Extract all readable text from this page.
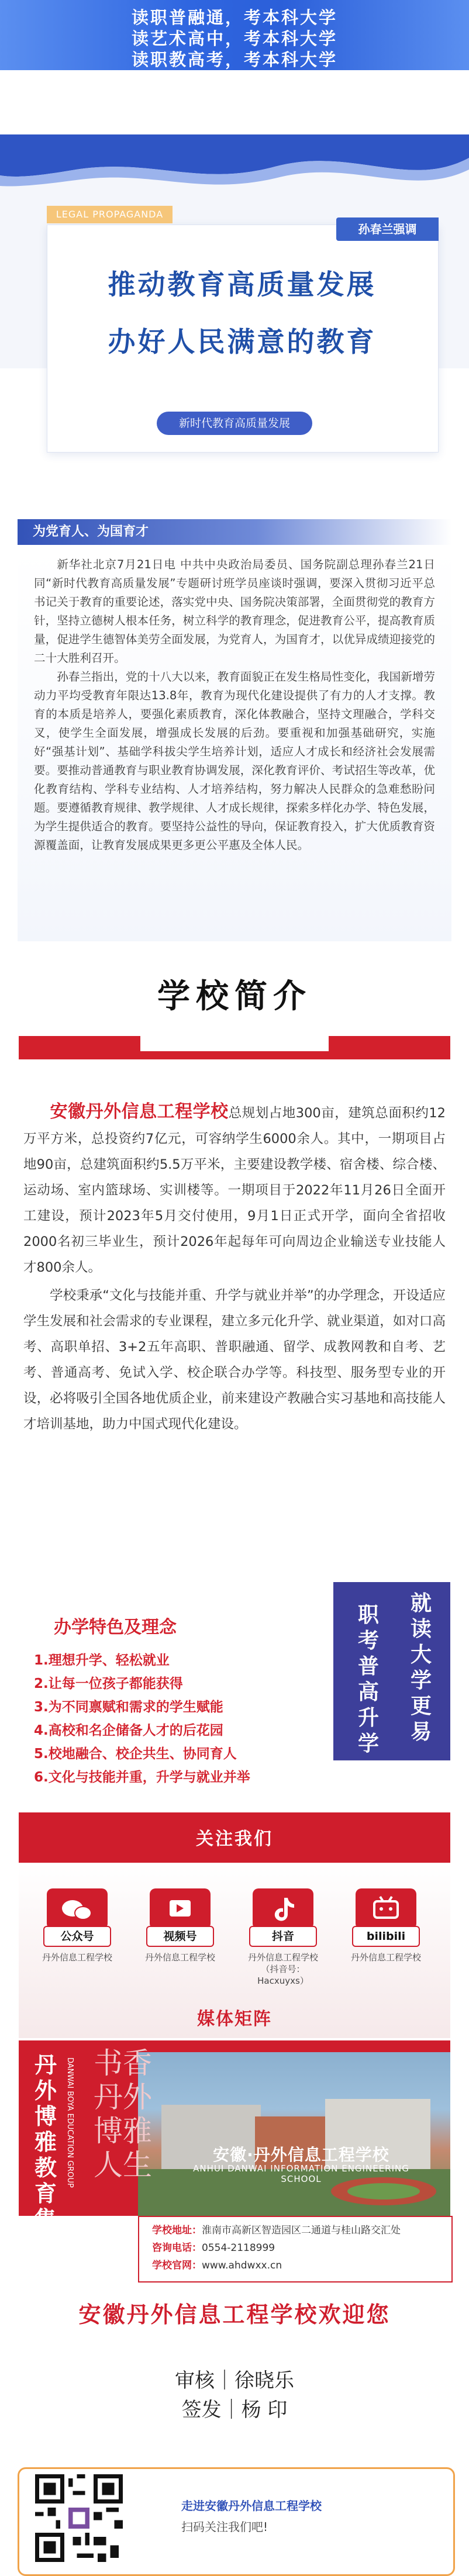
读职普融通，考本科大学
读艺术高中，考本科大学
读职教高考，考本科大学
LEGAL PROPAGANDA
孙春兰强调
推动教育高质量发展
办好人民满意的教育
新时代教育高质量发展
为党育人、为国育才

新华社北京7月21日电 中共中央政治局委员、国务院副总理孙春兰21日同“新时代教育高质量发展”专题研讨班学员座谈时强调，要深入贯彻习近平总书记关于教育的重要论述，落实党中央、国务院决策部署，全面贯彻党的教育方针，坚持立德树人根本任务，树立科学的教育理念，促进教育公平，提高教育质量，促进学生德智体美劳全面发展，为党育人，为国育才，以优异成绩迎接党的二十大胜利召开。

孙春兰指出，党的十八大以来，教育面貌正在发生格局性变化，我国新增劳动力平均受教育年限达13.8年，教育为现代化建设提供了有力的人才支撑。教育的本质是培养人，要强化素质教育，深化体教融合，坚持文理融合，学科交叉，使学生全面发展，增强成长发展的后劲。要重视和加强基础研究，实施好“强基计划”、基础学科拔尖学生培养计划，适应人才成长和经济社会发展需要。要推动普通教育与职业教育协调发展，深化教育评价、考试招生等改革，优化教育结构、学科专业结构、人才培养结构，努力解决人民群众的急难愁盼问题。要遵循教育规律、教学规律、人才成长规律，探索多样化办学、特色发展，为学生提供适合的教育。要坚持公益性的导向，保证教育投入，扩大优质教育资源覆盖面，让教育发展成果更多更公平惠及全体人民。

学校简介

安徽丹外信息工程学校总规划占地300亩，建筑总面积约12万平方米，总投资约7亿元，可容纳学生6000余人。其中，一期项目占地90亩，总建筑面积约5.5万平米，主要建设教学楼、宿舍楼、综合楼、运动场、室内篮球场、实训楼等。一期项目于2022年11月26日全面开工建设，预计2023年5月交付使用，9月1日正式开学，面向全省招收2000名初三毕业生，预计2026年起每年可向周边企业输送专业技能人才800余人。

学校秉承“文化与技能并重、升学与就业并举”的办学理念，开设适应学生发展和社会需求的专业课程，建立多元化升学、就业渠道，如对口高考、高职单招、3+2五年高职、普职融通、留学、成教网教和自考、艺考、普通高考、免试入学、校企联合办学等。科技型、服务型专业的开设，必将吸引全国各地优质企业，前来建设产教融合实习基地和高技能人才培训基地，助力中国式现代化建设。

办学特色及理念
1.理想升学、轻松就业
2.让每一位孩子都能获得
3.为不同禀赋和需求的学生赋能
4.高校和名企储备人才的后花园
5.校地融合、校企共生、协同育人
6.文化与技能并重，升学与就业并举
就读大学更易
职考普高升学
关注我们
公众号
丹外信息工程学校
视频号
丹外信息工程学校
抖音
丹外信息工程学校（抖音号：Hacxuyxs）
bilibili
丹外信息工程学校
媒体矩阵
丹外博雅教育集团
DANWAI BOYA EDUCATION GROUP 书香丹外 博雅人生	安徽·丹外信息工程学校
ANHUI DANWAI INFORMATION ENGINEERING SCHOOL
学校地址：淮南市高新区智造园区二通道与桂山路交汇处
咨询电话：0554-2118999
学校官网：www.ahdwxx.cn
安徽丹外信息工程学校欢迎您
审核｜徐晓乐
签发｜杨 印
走进安徽丹外信息工程学校
扫码关注我们吧!
